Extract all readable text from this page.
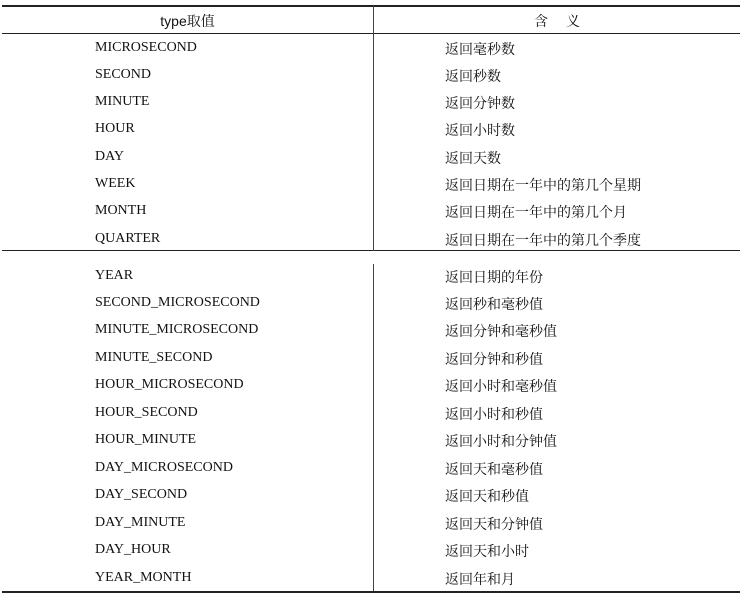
type取值	含义
MICROSECOND	返回毫秒数
SECOND	返回秒数
MINUTE	返回分钟数
HOUR	返回小时数
DAY	返回天数
WEEK	返回日期在一年中的第几个星期
MONTH	返回日期在一年中的第几个月
QUARTER	返回日期在一年中的第几个季度
YEAR	返回日期的年份
SECOND_MICROSECOND	返回秒和毫秒值
MINUTE_MICROSECOND	返回分钟和毫秒值
MINUTE_SECOND	返回分钟和秒值
HOUR_MICROSECOND	返回小时和毫秒值
HOUR_SECOND	返回小时和秒值
HOUR_MINUTE	返回小时和分钟值
DAY_MICROSECOND	返回天和毫秒值
DAY_SECOND	返回天和秒值
DAY_MINUTE	返回天和分钟值
DAY_HOUR	返回天和小时
YEAR_MONTH	返回年和月
